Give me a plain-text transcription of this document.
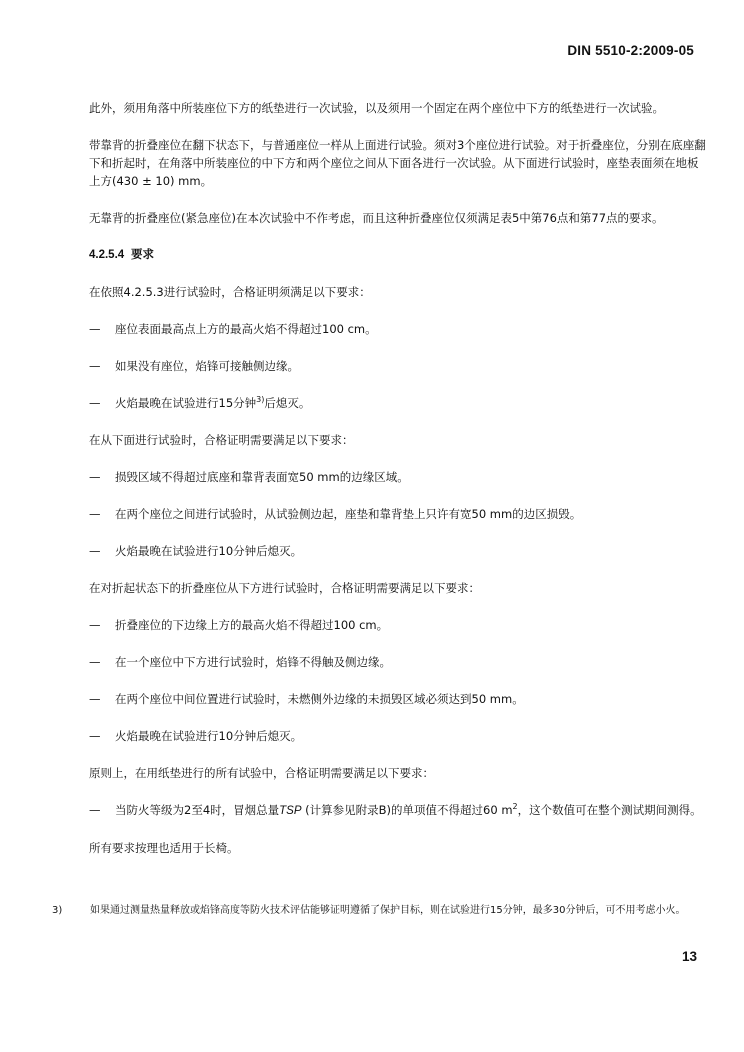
DIN 5510-2:2009-05

此外，须用角落中所装座位下方的纸垫进行一次试验，以及须用一个固定在两个座位中下方的纸垫进行一次试验。

带靠背的折叠座位在翻下状态下，与普通座位一样从上面进行试验。须对3个座位进行试验。对于折叠座位，分别在底座翻下和折起时，在角落中所装座位的中下方和两个座位之间从下面各进行一次试验。从下面进行试验时，座垫表面须在地板上方(430 ± 10) mm。

无靠背的折叠座位(紧急座位)在本次试验中不作考虑，而且这种折叠座位仅须满足表5中第76点和第77点的要求。

4.2.5.4 要求

在依照4.2.5.3进行试验时，合格证明须满足以下要求：

—	座位表面最高点上方的最高火焰不得超过100 cm。
—	如果没有座位，焰锋可接触侧边缘。
—	火焰最晚在试验进行15分钟$^{3)}$后熄灭。

在从下面进行试验时，合格证明需要满足以下要求：

—	损毁区域不得超过底座和靠背表面宽50 mm的边缘区域。
—	在两个座位之间进行试验时，从试验侧边起，座垫和靠背垫上只许有宽50 mm的边区损毁。
—	火焰最晚在试验进行10分钟后熄灭。

在对折起状态下的折叠座位从下方进行试验时，合格证明需要满足以下要求：

—	折叠座位的下边缘上方的最高火焰不得超过100 cm。
—	在一个座位中下方进行试验时，焰锋不得触及侧边缘。
—	在两个座位中间位置进行试验时，未燃侧外边缘的未损毁区域必须达到50 mm。
—	火焰最晚在试验进行10分钟后熄灭。

原则上，在用纸垫进行的所有试验中，合格证明需要满足以下要求：

—	当防火等级为2至4时，冒烟总量TSP (计算参见附录B)的单项值不得超过60 $m^2$，这个数值可在整个测试期间测得。

所有要求按理也适用于长椅。

3)	如果通过测量热量释放或焰锋高度等防火技术评估能够证明遵循了保护目标，则在试验进行15分钟，最多30分钟后，可不用考虑小火。
13
